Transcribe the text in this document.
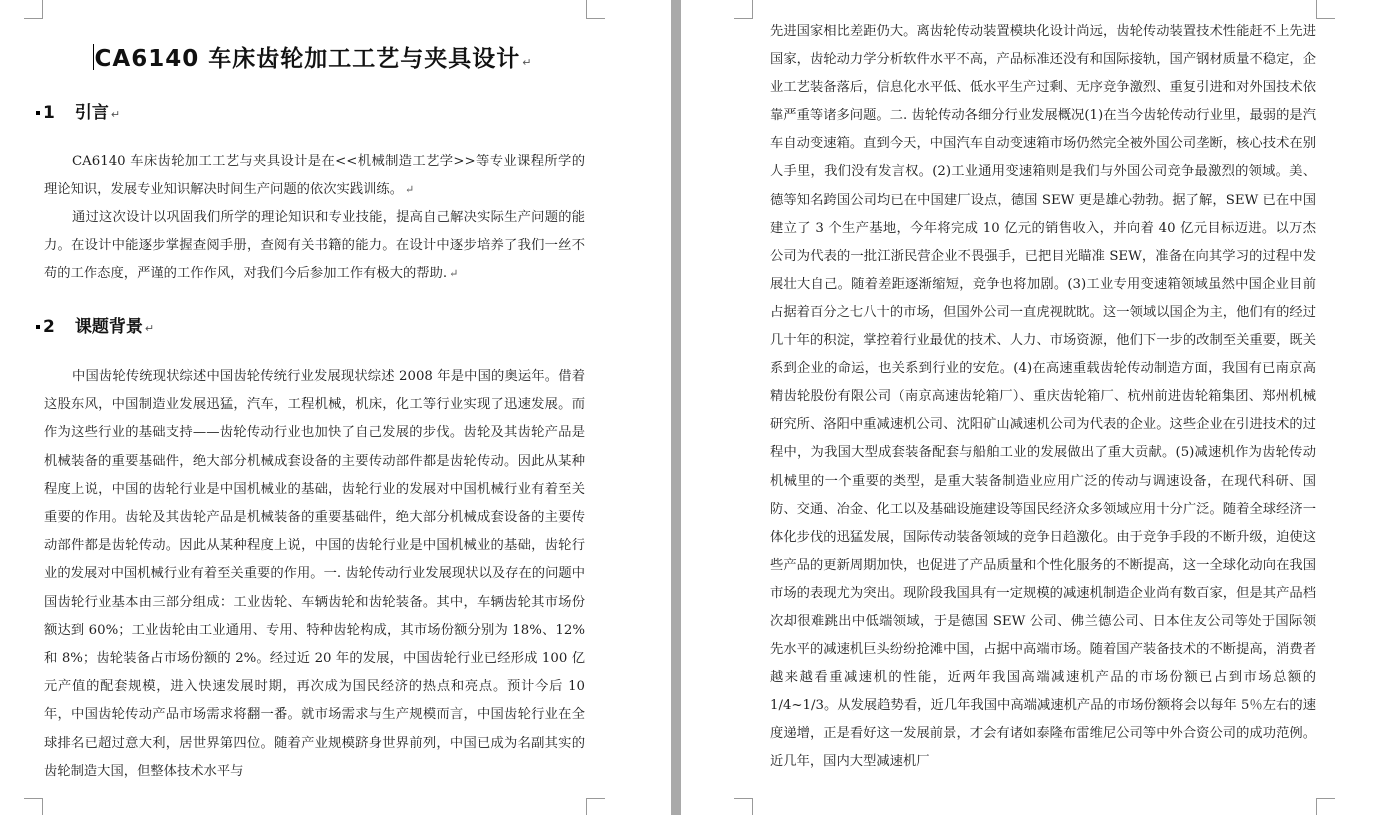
CA6140 车床齿轮加工工艺与夹具设计 ↵
1 引言 ↵

CA6140 车床齿轮加工工艺与夹具设计是在<<机械制造工艺学>>等专业课程所学的理论知识，发展专业知识解决时间生产问题的依次实践训练。 ↵

通过这次设计以巩固我们所学的理论知识和专业技能，提高自己解决实际生产问题的能力。在设计中能逐步掌握查阅手册，查阅有关书籍的能力。在设计中逐步培养了我们一丝不苟的工作态度，严谨的工作作风，对我们今后参加工作有极大的帮助. ↵

2 课题背景 ↵

中国齿轮传统现状综述中国齿轮传统行业发展现状综述 2008 年是中国的奥运年。借着这股东风，中国制造业发展迅猛，汽车，工程机械，机床，化工等行业实现了迅速发展。而作为这些行业的基础支持——齿轮传动行业也加快了自己发展的步伐。齿轮及其齿轮产品是机械装备的重要基础件，绝大部分机械成套设备的主要传动部件都是齿轮传动。因此从某种程度上说，中国的齿轮行业是中国机械业的基础，齿轮行业的发展对中国机械行业有着至关重要的作用。齿轮及其齿轮产品是机械装备的重要基础件，绝大部分机械成套设备的主要传动部件都是齿轮传动。因此从某种程度上说，中国的齿轮行业是中国机械业的基础，齿轮行业的发展对中国机械行业有着至关重要的作用。一. 齿轮传动行业发展现状以及存在的问题中国齿轮行业基本由三部分组成：工业齿轮、车辆齿轮和齿轮装备。其中，车辆齿轮其市场份额达到 60%；工业齿轮由工业通用、专用、特种齿轮构成，其市场份额分别为 18%、12%和 8%；齿轮装备占市场份额的 2%。经过近 20 年的发展，中国齿轮行业已经形成 100 亿元产值的配套规模，进入快速发展时期，再次成为国民经济的热点和亮点。预计今后 10 年，中国齿轮传动产品市场需求将翻一番。就市场需求与生产规模而言，中国齿轮行业在全球排名已超过意大利，居世界第四位。随着产业规模跻身世界前列，中国已成为名副其实的齿轮制造大国，但整体技术水平与

先进国家相比差距仍大。离齿轮传动装置模块化设计尚远，齿轮传动装置技术性能赶不上先进国家，齿轮动力学分析软件水平不高，产品标准还没有和国际接轨，国产钢材质量不稳定，企业工艺装备落后，信息化水平低、低水平生产过剩、无序竞争激烈、重复引进和对外国技术依靠严重等诸多问题。二. 齿轮传动各细分行业发展概况(1)在当今齿轮传动行业里，最弱的是汽车自动变速箱。直到今天，中国汽车自动变速箱市场仍然完全被外国公司垄断，核心技术在别人手里，我们没有发言权。(2)工业通用变速箱则是我们与外国公司竞争最激烈的领域。美、德等知名跨国公司均已在中国建厂设点，德国 SEW 更是雄心勃勃。据了解，SEW 已在中国建立了 3 个生产基地，今年将完成 10 亿元的销售收入，并向着 40 亿元目标迈进。以万杰公司为代表的一批江浙民营企业不畏强手，已把目光瞄准 SEW，准备在向其学习的过程中发展壮大自己。随着差距逐渐缩短，竞争也将加剧。(3)工业专用变速箱领域虽然中国企业目前占据着百分之七八十的市场，但国外公司一直虎视眈眈。这一领域以国企为主，他们有的经过几十年的积淀，掌控着行业最优的技术、人力、市场资源，他们下一步的改制至关重要，既关系到企业的命运，也关系到行业的安危。(4)在高速重载齿轮传动制造方面，我国有已南京高精齿轮股份有限公司（南京高速齿轮箱厂）、重庆齿轮箱厂、杭州前进齿轮箱集团、郑州机械研究所、洛阳中重减速机公司、沈阳矿山减速机公司为代表的企业。这些企业在引进技术的过程中，为我国大型成套装备配套与船舶工业的发展做出了重大贡献。(5)减速机作为齿轮传动机械里的一个重要的类型，是重大装备制造业应用广泛的传动与调速设备，在现代科研、国防、交通、冶金、化工以及基础设施建设等国民经济众多领域应用十分广泛。随着全球经济一体化步伐的迅猛发展，国际传动装备领域的竞争日趋激化。由于竞争手段的不断升级，迫使这些产品的更新周期加快，也促进了产品质量和个性化服务的不断提高，这一全球化动向在我国市场的表现尤为突出。现阶段我国具有一定规模的减速机制造企业尚有数百家，但是其产品档次却很难跳出中低端领域，于是德国 SEW 公司、佛兰德公司、日本住友公司等处于国际领先水平的减速机巨头纷纷抢滩中国，占据中高端市场。随着国产装备技术的不断提高，消费者越来越看重减速机的性能，近两年我国高端减速机产品的市场份额已占到市场总额的 1/4~1/3。从发展趋势看，近几年我国中高端减速机产品的市场份额将会以每年 5％左右的速度递增，正是看好这一发展前景，才会有诸如泰隆布雷维尼公司等中外合资公司的成功范例。近几年，国内大型减速机厂
